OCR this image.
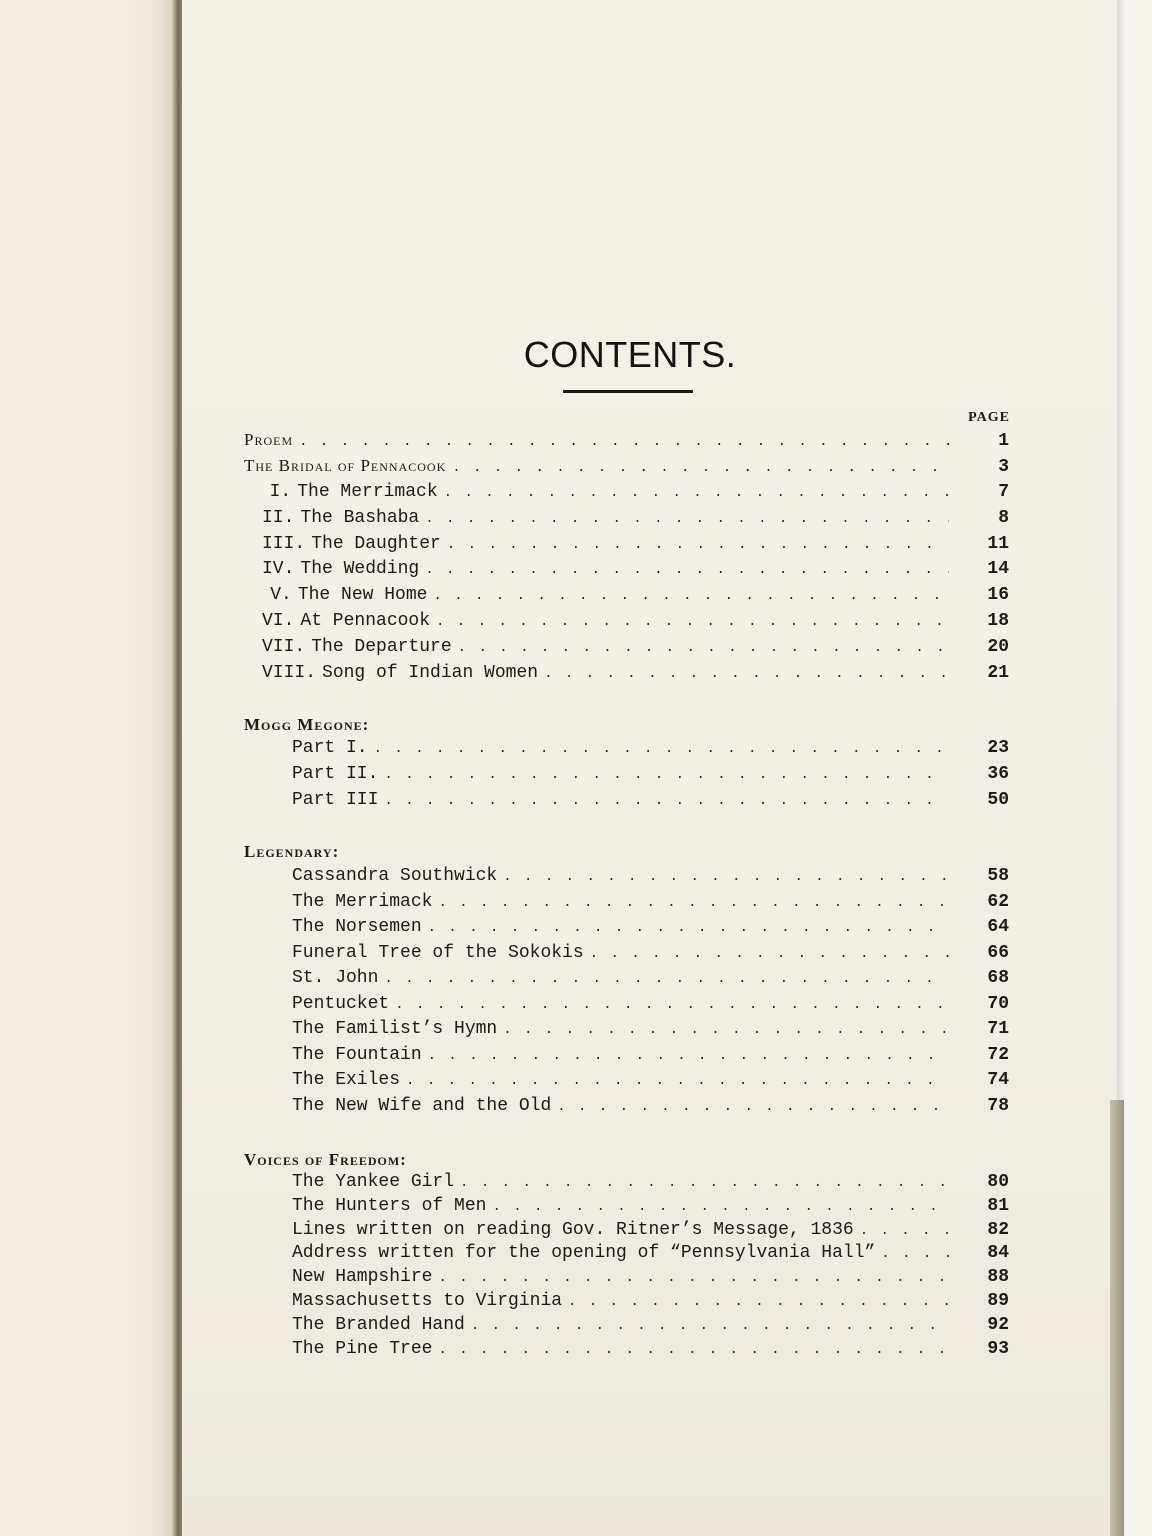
CONTENTS.
PAGE
Proem . . .	1
The Bridal of Pennacook . . .	3
I. The Merrimack . . .	7
II. The Bashaba . . .	8
III. The Daughter . . .	11
IV. The Wedding . . .	14
V. The New Home . . .	16
VI. At Pennacook . . .	18
VII. The Departure . . .	20
VIII. Song of Indian Women . . .	21
Mogg Megone:
Part I. . . .	23
Part II. . . .	36
Part III . . .	50
Legendary:
Cassandra Southwick . . .	58
The Merrimack . . .	62
The Norsemen . . .	64
Funeral Tree of the Sokokis . . .	66
St. John . . .	68
Pentucket . . .	70
The Familist’s Hymn . . .	71
The Fountain . . .	72
The Exiles . . .	74
The New Wife and the Old . . .	78
Voices of Freedom:
The Yankee Girl . . .	80
The Hunters of Men . . .	81
Lines written on reading Gov. Ritner’s Message, 1836 . . .	82
Address written for the opening of “Pennsylvania Hall” . . .	84
New Hampshire . . .	88
Massachusetts to Virginia . . .	89
The Branded Hand . . .	92
The Pine Tree . . .	93
